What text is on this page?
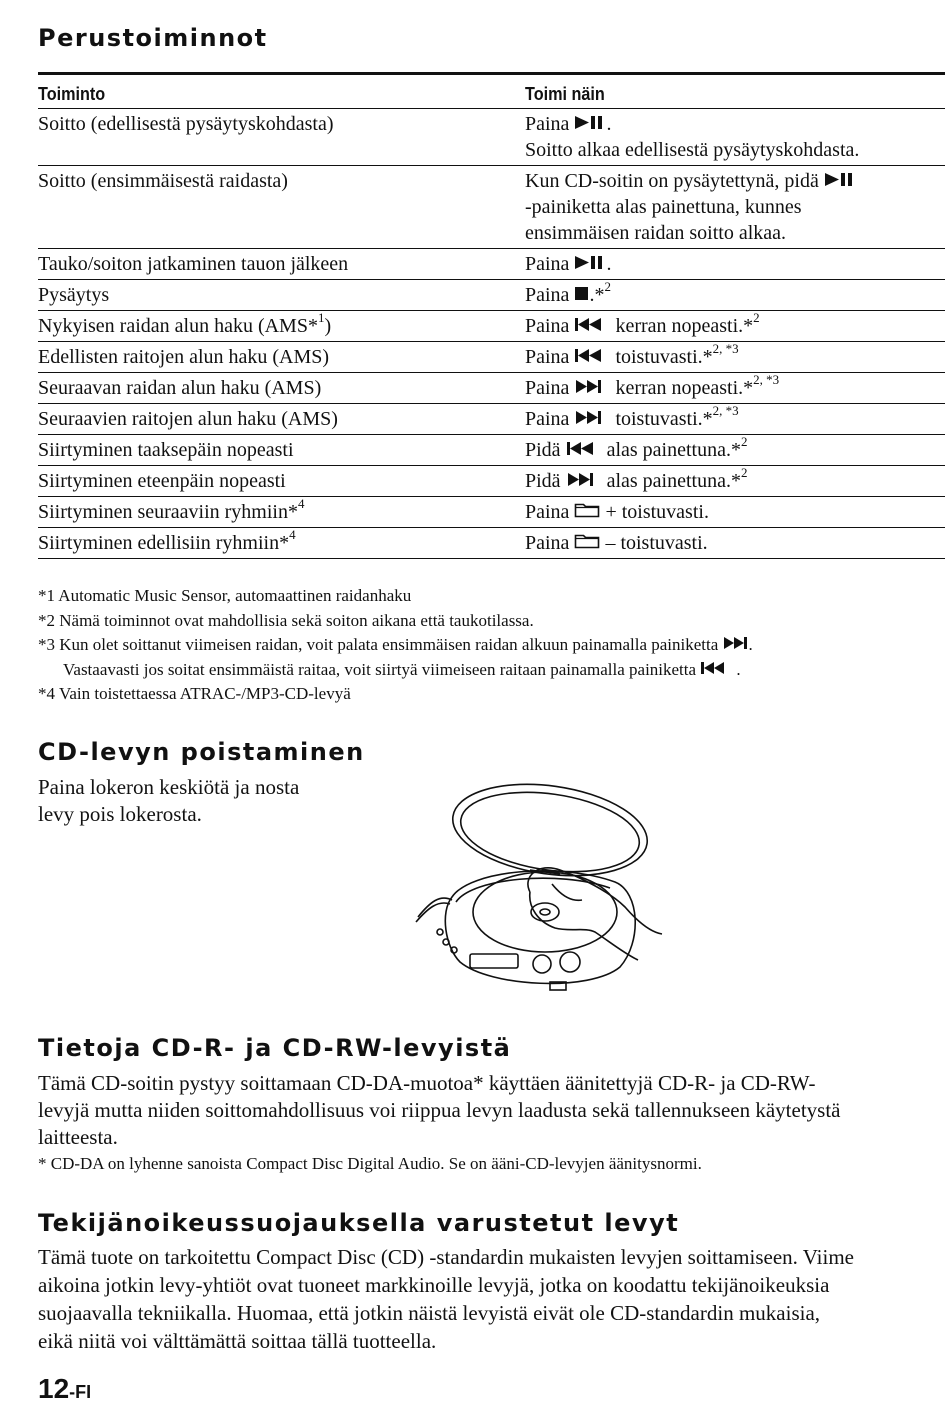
Perustoiminnot
Toiminto	Toimi näin
Soitto (edellisestä pysäytyskohdasta)	Paina
.
Soitto alkaa edellisestä pysäytyskohdasta.
Soitto (ensimmäisestä raidasta)	Kun CD-soitin on pysäytettynä, pidä

-painiketta alas painettuna, kunnes
ensimmäisen raidan soitto alkaa.
Tauko/soiton jatkaminen tauon jälkeen	Paina
.
Pysäytys	Paina
.*$^2$
Nykyisen raidan alun haku (AMS*$^1$)	Paina
kerran nopeasti.*$^2$
Edellisten raitojen alun haku (AMS)	Paina
toistuvasti.*$^{2, *3}$
Seuraavan raidan alun haku (AMS)	Paina
kerran nopeasti.*$^{2, *3}$
Seuraavien raitojen alun haku (AMS)	Paina
toistuvasti.*$^{2, *3}$
Siirtyminen taaksepäin nopeasti	Pidä
alas painettuna.*$^2$
Siirtyminen eteenpäin nopeasti	Pidä
alas painettuna.*$^2$
Siirtyminen seuraaviin ryhmiin*$^4$	Paina
+ toistuvasti.
Siirtyminen edellisiin ryhmiin*$^4$	Paina
– toistuvasti.
*1 Automatic Music Sensor, automaattinen raidanhaku
*2 Nämä toiminnot ovat mahdollisia sekä soiton aikana että taukotilassa.
*3 Kun olet soittanut viimeisen raidan, voit palata ensimmäisen raidan alkuun painamalla painiketta
.
Vastaavasti jos soitat ensimmäistä raitaa, voit siirtyä viimeiseen raitaan painamalla painiketta
.
*4 Vain toistettaessa ATRAC-/MP3-CD-levyä
CD-levyn poistaminen
Paina lokeron keskiötä ja nosta
levy pois lokerosta.
Tietoja CD-R- ja CD-RW-levyistä
Tämä CD-soitin pystyy soittamaan CD-DA-muotoa* käyttäen äänitettyjä CD-R- ja CD-RW-
levyjä mutta niiden soittomahdollisuus voi riippua levyn laadusta sekä tallennukseen käytetystä
laitteesta.
* CD-DA on lyhenne sanoista Compact Disc Digital Audio. Se on ääni-CD-levyjen äänitysnormi.
Tekijänoikeussuojauksella varustetut levyt
Tämä tuote on tarkoitettu Compact Disc (CD) -standardin mukaisten levyjen soittamiseen. Viime
aikoina jotkin levy-yhtiöt ovat tuoneet markkinoille levyjä, jotka on koodattu tekijänoikeuksia
suojaavalla tekniikalla. Huomaa, että jotkin näistä levyistä eivät ole CD-standardin mukaisia,
eikä niitä voi välttämättä soittaa tällä tuotteella.
12-FI
